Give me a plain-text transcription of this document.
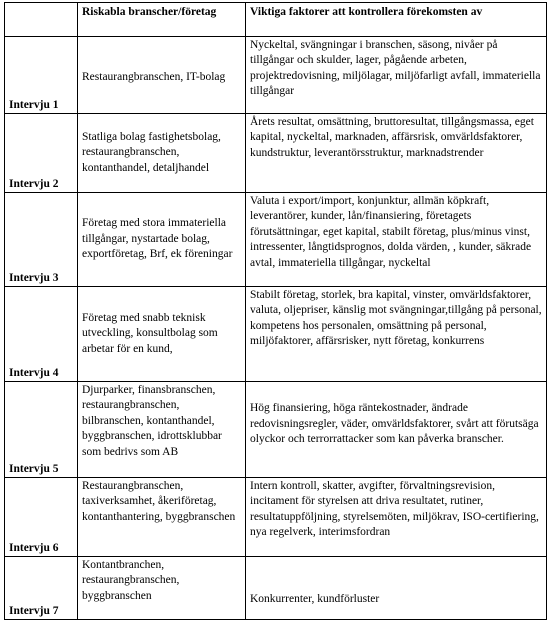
	Riskabla branscher/företag	Viktiga faktorer att kontrollera förekomsten av
Intervju 1	Restaurangbranschen, IT-bolag	Nyckeltal, svängningar i branschen, säsong, nivåer på tillgångar och skulder, lager, pågående arbeten, projektredovisning, miljölagar, miljöfarligt avfall, immateriella tillgångar
Intervju 2	Statliga bolag fastighetsbolag, restaurangbranschen, kontanthandel, detaljhandel	Årets resultat, omsättning, bruttoresultat, tillgångsmassa, eget kapital, nyckeltal, marknaden, affärsrisk, omvärldsfaktorer, kundstruktur, leverantörsstruktur, marknadstrender
Intervju 3	Företag med stora immateriella tillgångar, nystartade bolag, exportföretag, Brf, ek föreningar	Valuta i export/import, konjunktur, allmän köpkraft, leverantörer, kunder, lån/finansiering, företagets förutsättningar, eget kapital, stabilt företag, plus/minus vinst, intressenter, långtidsprognos, dolda värden, , kunder, säkrade avtal, immateriella tillgångar, nyckeltal
Intervju 4	Företag med snabb teknisk utveckling, konsultbolag som arbetar för en kund,	Stabilt företag, storlek, bra kapital, vinster, omvärldsfaktorer, valuta, oljepriser, känslig mot svängningar,tillgång på personal, kompetens hos personalen, omsättning på personal, miljöfaktorer, affärsrisker, nytt företag, konkurrens
Intervju 5	Djurparker, finansbranschen, restaurangbranschen, bilbranschen, kontanthandel, byggbranschen, idrottsklubbar som bedrivs som AB	Hög finansiering, höga räntekostnader, ändrade redovisningsregler, väder, omvärldsfaktorer, svårt att förutsäga olyckor och terrorrattacker som kan påverka branscher.
Intervju 6	Restaurangbranschen, taxiverksamhet, åkeriföretag, kontanthantering, byggbranschen	Intern kontroll, skatter, avgifter, förvaltningsrevision, incitament för styrelsen att driva resultatet, rutiner, resultatuppföljning, styrelsemöten, miljökrav, ISO-certifiering, nya regelverk, interimsfordran
Intervju 7	Kontantbranchen, restaurangbranschen, byggbranschen	Konkurrenter, kundförluster
